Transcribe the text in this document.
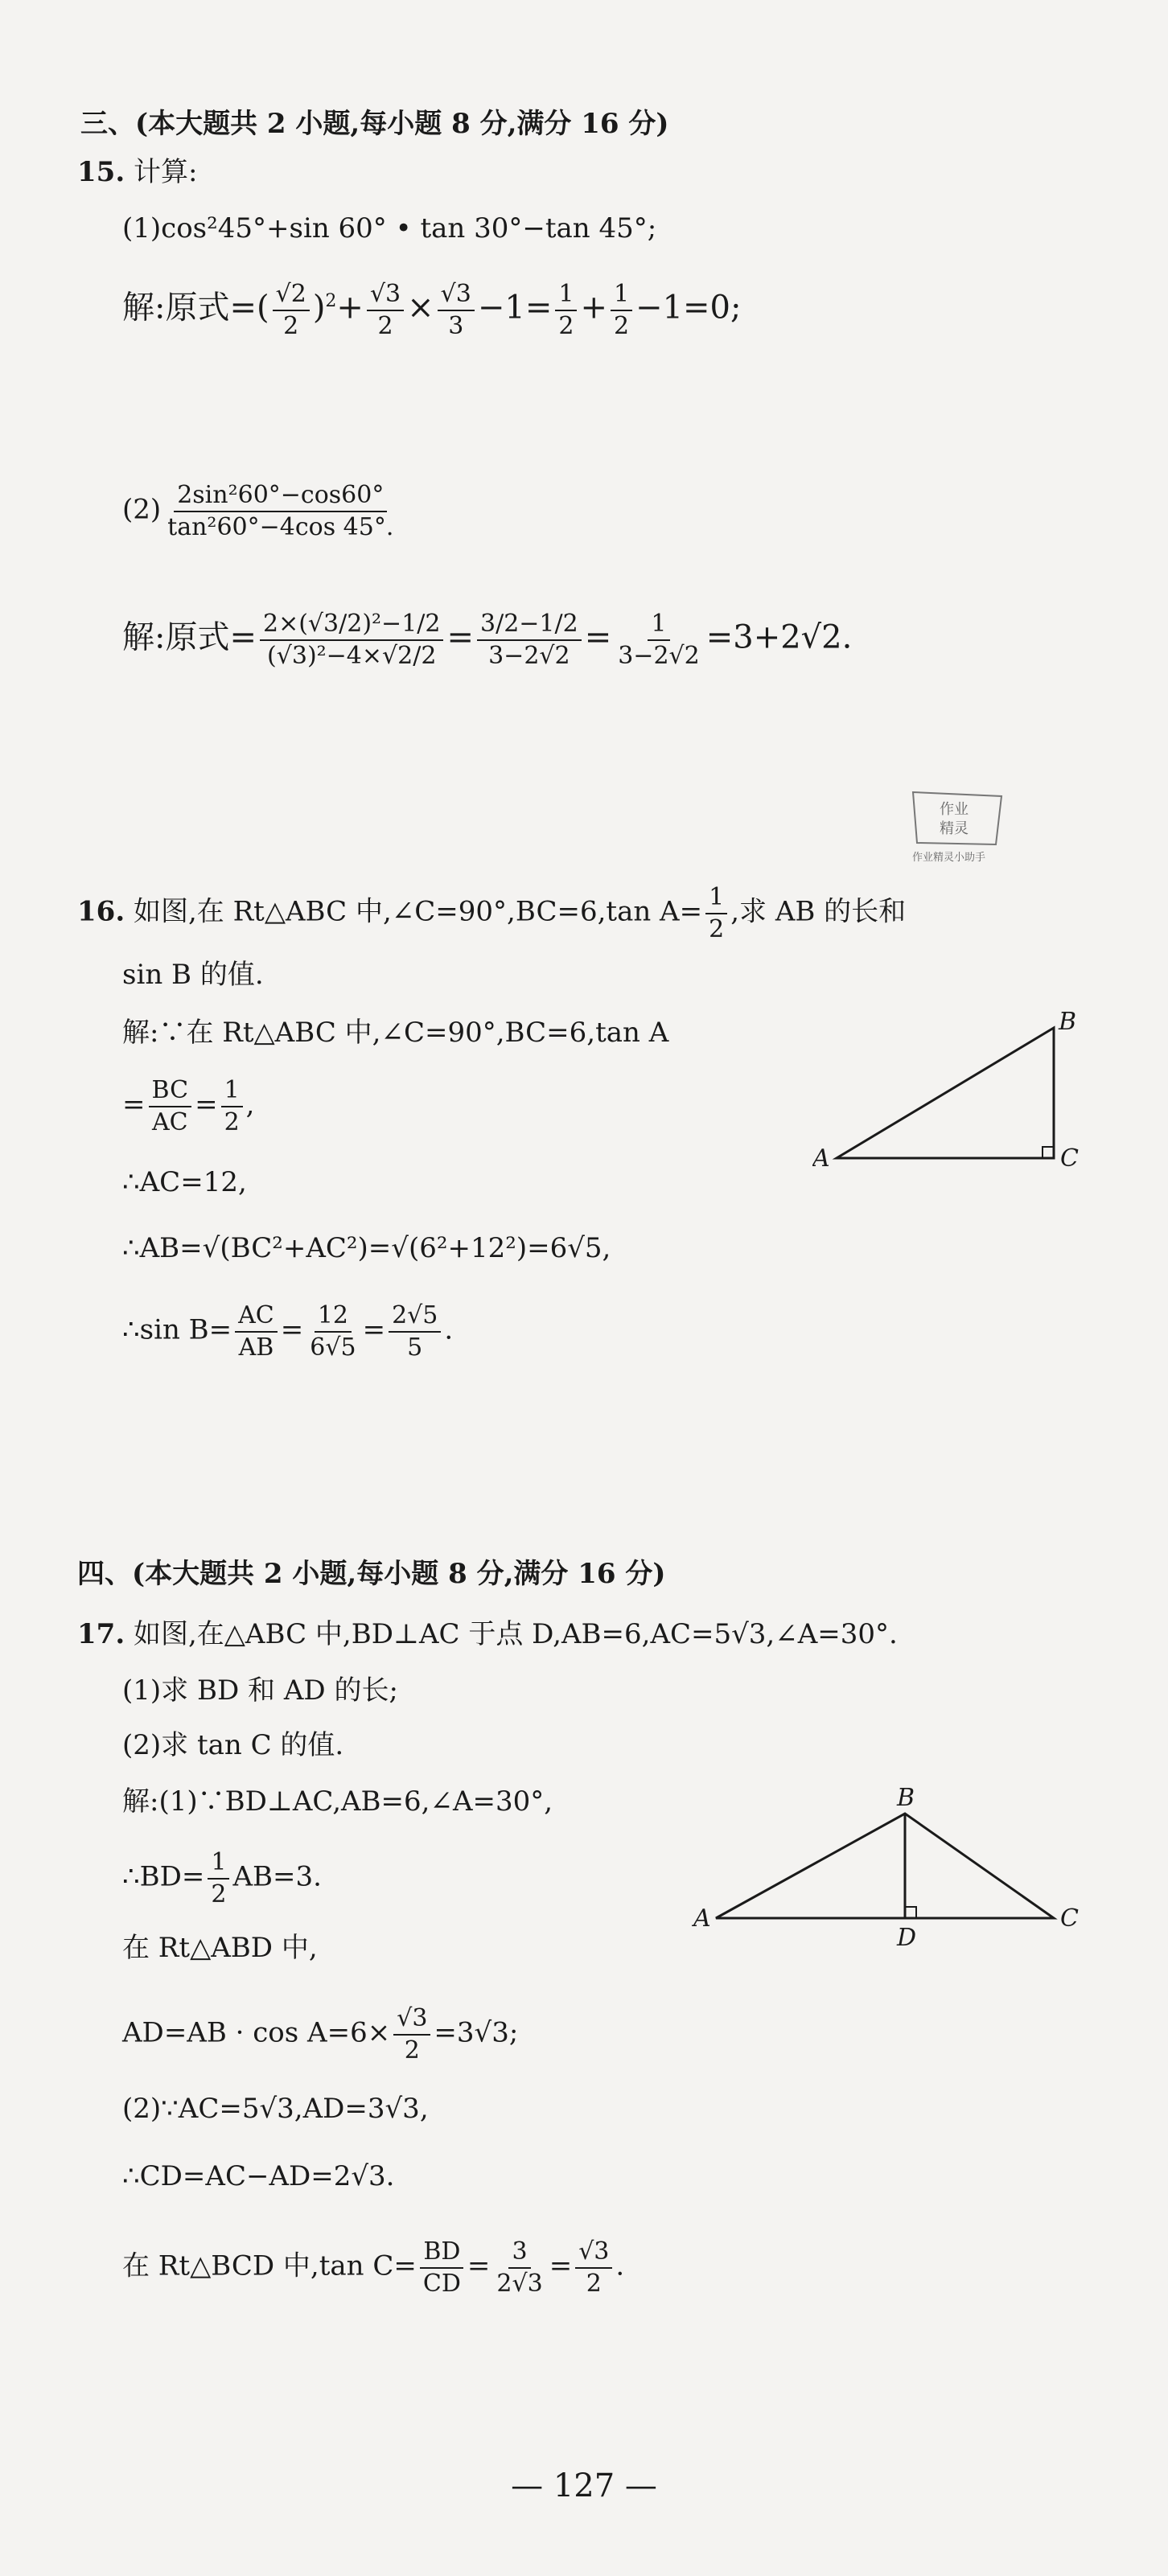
三、(本大题共 2 小题,每小题 8 分,满分 16 分)
15. 计算:
(1)cos²45°+sin 60° • tan 30°−tan 45°;
解:原式=( $\frac{√2}{2} )^2+ \frac{√3}{2} \times \frac{√3}{3} -1= \frac{1}{2} + \frac{1}{2} -1=0$;
$(2) \frac{\text{2sin²60°−cos60°}}{\text{tan²60°−4cos 45°.}}$
解:原式= $\frac{\text{2×(√3/2)²−1/2}}{\text{(√3)²−4×√2/2}} = \frac{3/2-1/2}{3-2√2} = \frac{1}{3-2√2} =3+2√2$.
作业
精灵
作业精灵小助手
16. 如图,在 Rt△ABC 中,∠C=90°,BC=6,tan $A= \frac{1}{2}$ ,求 AB 的长和
sin B 的值.
解:∵在 Rt△ABC 中,∠C=90°,BC=6,tan A
= $\frac{BC}{AC} = \frac{1}{2}$ ,
∴AC=12,
∴AB=√(BC²+AC²)=√(6²+12²)=6√5,
∴sin $B= \frac{AC}{AB} = \frac{12}{6√5} = \frac{2√5}{5}$ .
A	C
B
四、(本大题共 2 小题,每小题 8 分,满分 16 分)
17. 如图,在△ABC 中,BD⊥AC 于点 D,AB=6,AC=5√3,∠A=30°.
(1)求 BD 和 AD 的长;
(2)求 tan C 的值.
解:(1)∵BD⊥AC,AB=6,∠A=30°,
∴BD= $\frac{1}{2} AB=3$.
在 Rt△ABD 中,
$AD=AB \cdot \cos A=6\times \frac{√3}{2} =3√3$;
(2)∵AC=5√3,AD=3√3,
∴CD=AC−AD=2√3.
在 Rt△BCD 中,tan $C= \frac{BD}{CD} = \frac{3}{2√3} = \frac{√3}{2}$ .
A	C
B
D
— 127 —
